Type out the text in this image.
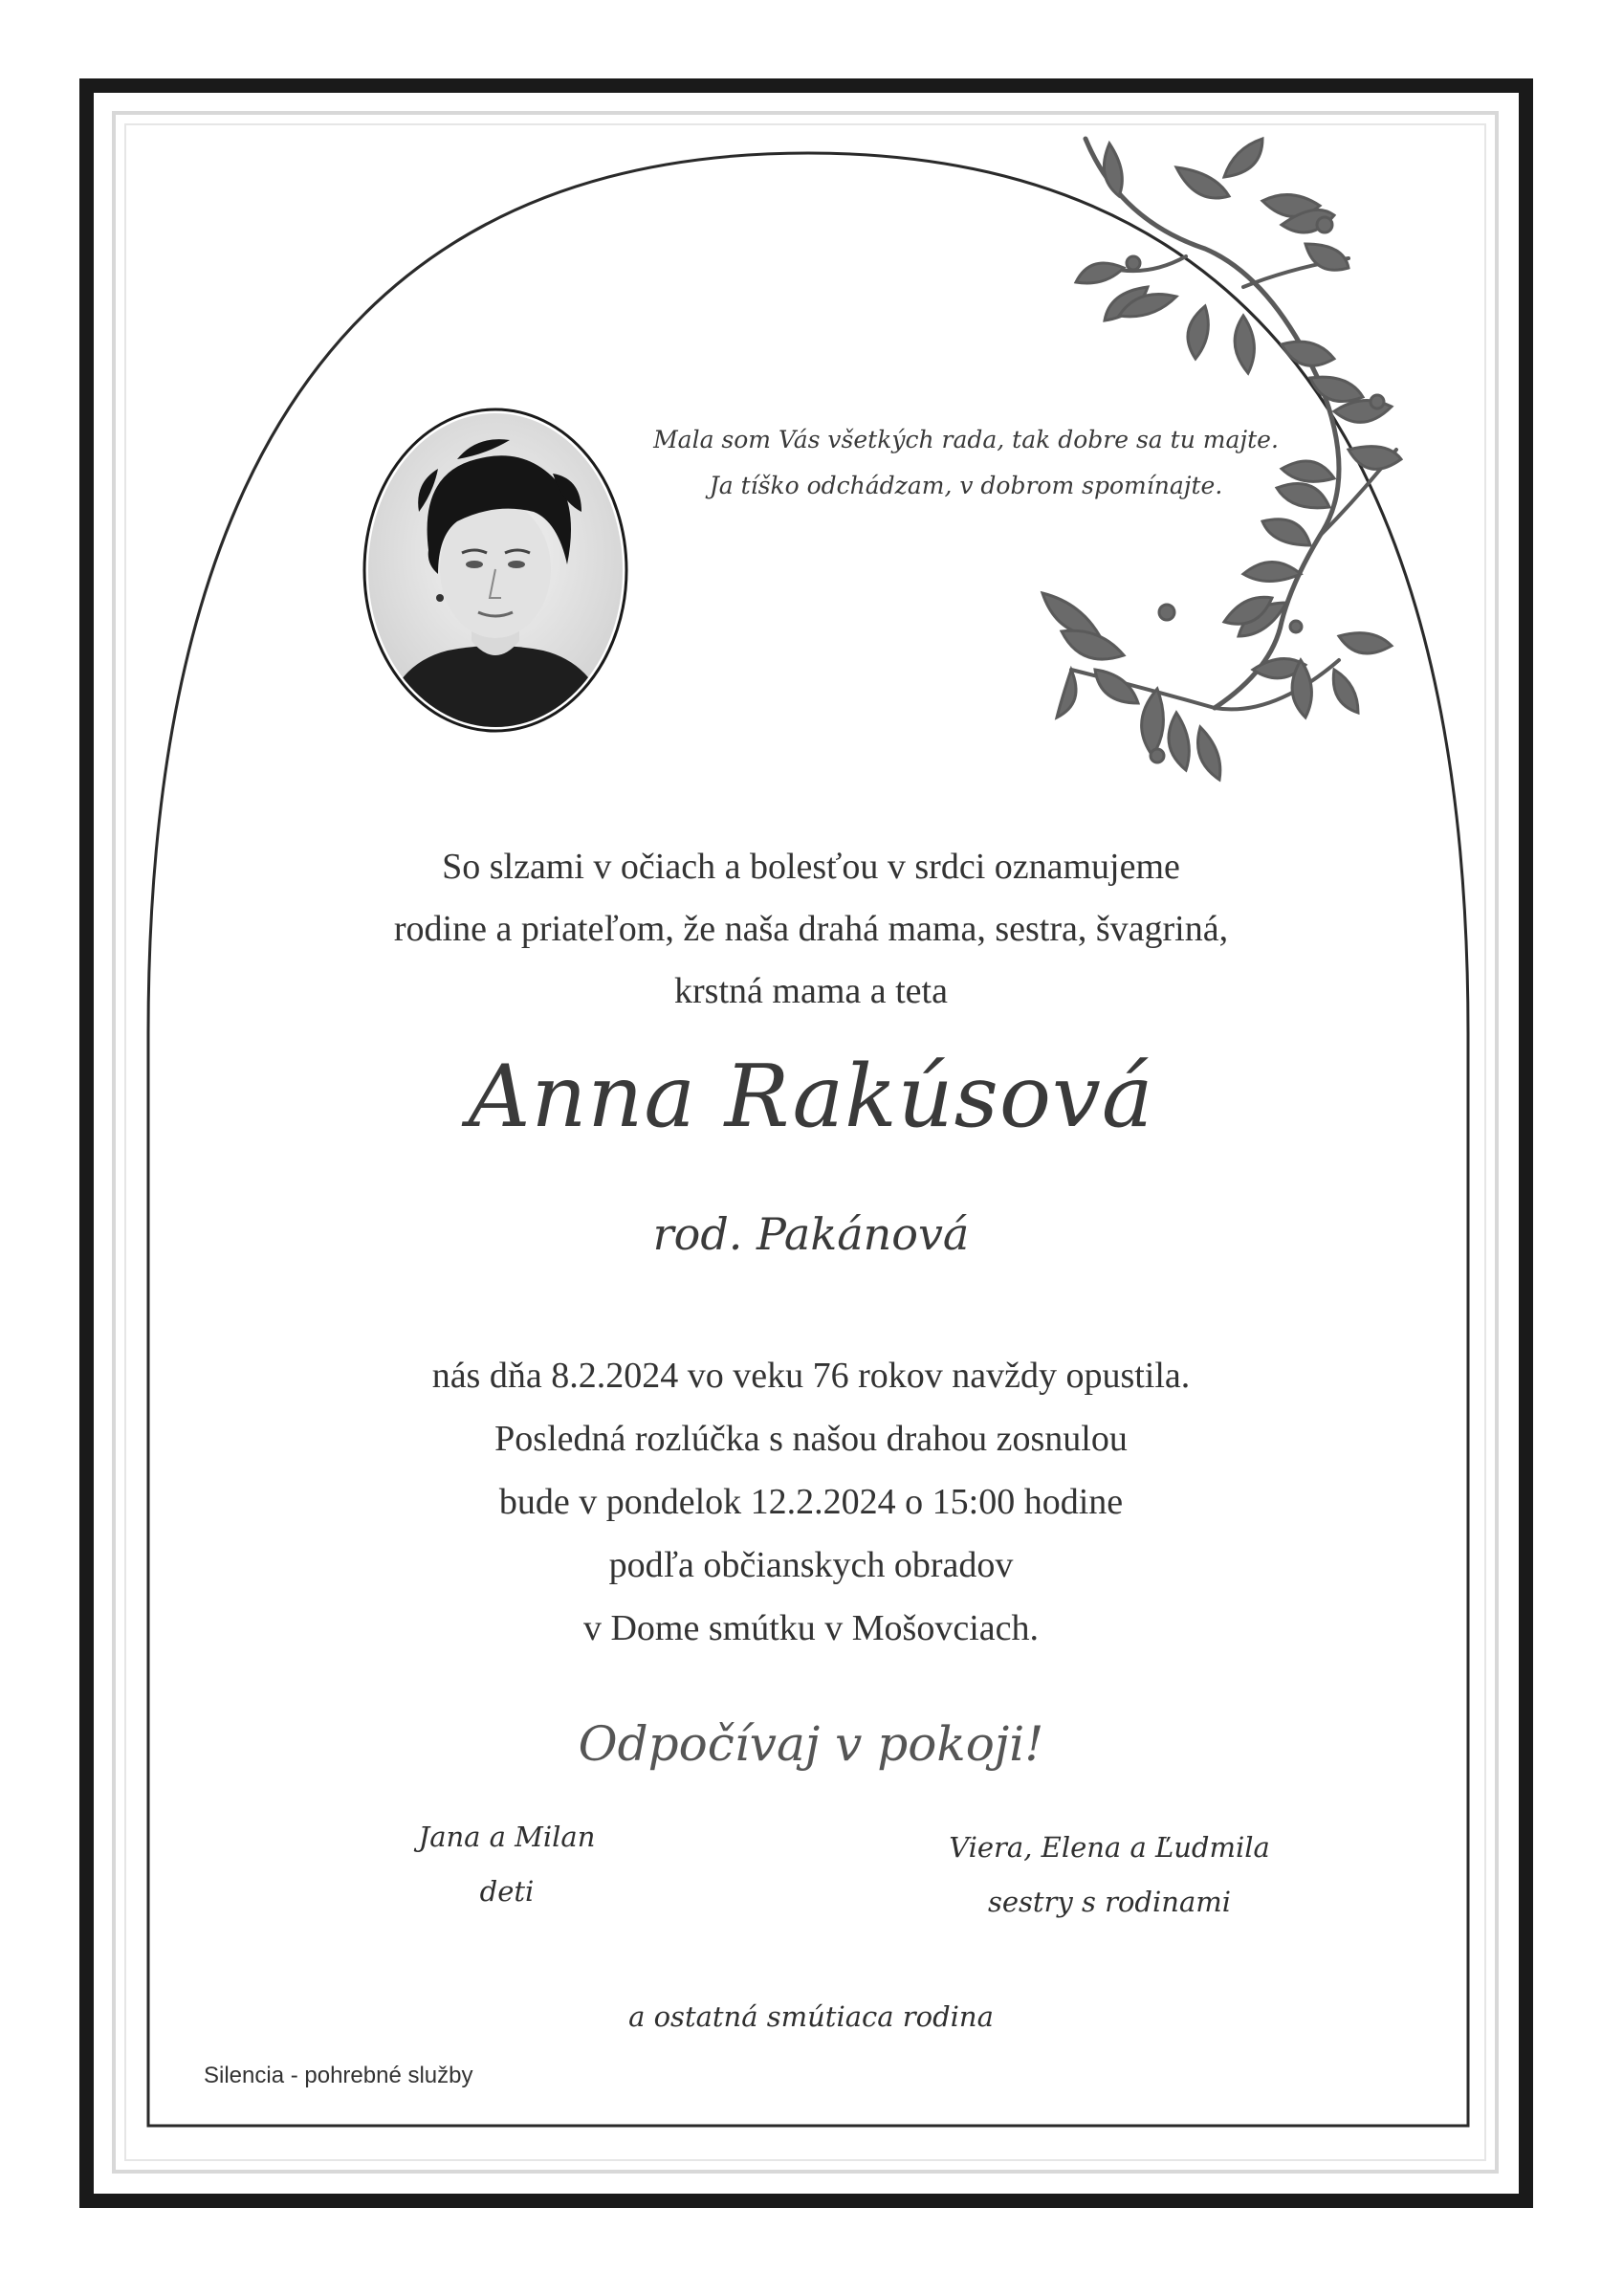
Mala som Vás všetkých rada, tak dobre sa tu majte.
Ja tíško odchádzam, v dobrom spomínajte.
So slzami v očiach a bolesťou v srdci oznamujeme
rodine a priateľom, že naša drahá mama, sestra, švagriná,
krstná mama a teta
Anna Rakúsová
rod. Pakánová
nás dňa 8.2.2024 vo veku 76 rokov navždy opustila.
Posledná rozlúčka s našou drahou zosnulou
bude v pondelok 12.2.2024 o 15:00 hodine
podľa občianskych obradov
v Dome smútku v Mošovciach.
Odpočívaj v pokoji!
Jana a Milan
deti
Viera, Elena a Ľudmila
sestry s rodinami
a ostatná smútiaca rodina
Silencia - pohrebné služby
